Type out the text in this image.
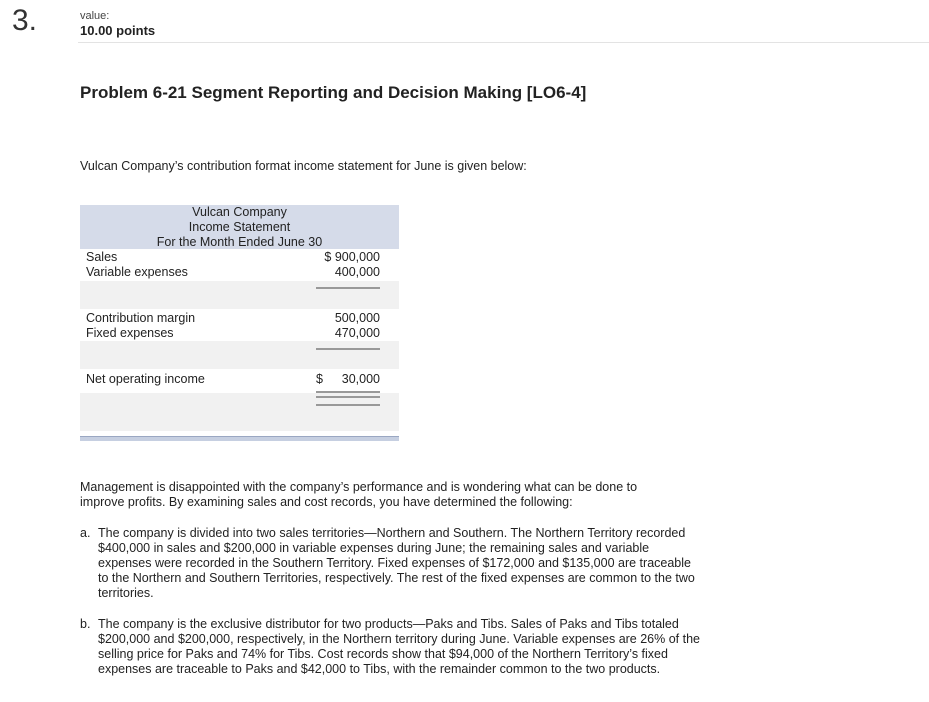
3.	value:
10.00 points
Problem 6-21 Segment Reporting and Decision Making [LO6-4]
Vulcan Company’s contribution format income statement for June is given below:
Vulcan Company
Income Statement
For the Month Ended June 30
Sales	$ 900,000
Variable expenses	400,000
Contribution margin	500,000
Fixed expenses	470,000
Net operating income	$	30,000

Management is disappointed with the company’s performance and is wondering what can be done to improve profits. By examining sales and cost records, you have determined the following:

a. The company is divided into two sales territories—Northern and Southern. The Northern Territory recorded $400,000 in sales and $200,000 in variable expenses during June; the remaining sales and variable expenses were recorded in the Southern Territory. Fixed expenses of $172,000 and $135,000 are traceable to the Northern and Southern Territories, respectively. The rest of the fixed expenses are common to the two territories.
b. The company is the exclusive distributor for two products—Paks and Tibs. Sales of Paks and Tibs totaled $200,000 and $200,000, respectively, in the Northern territory during June. Variable expenses are 26% of the selling price for Paks and 74% for Tibs. Cost records show that $94,000 of the Northern Territory’s fixed expenses are traceable to Paks and $42,000 to Tibs, with the remainder common to the two products.
